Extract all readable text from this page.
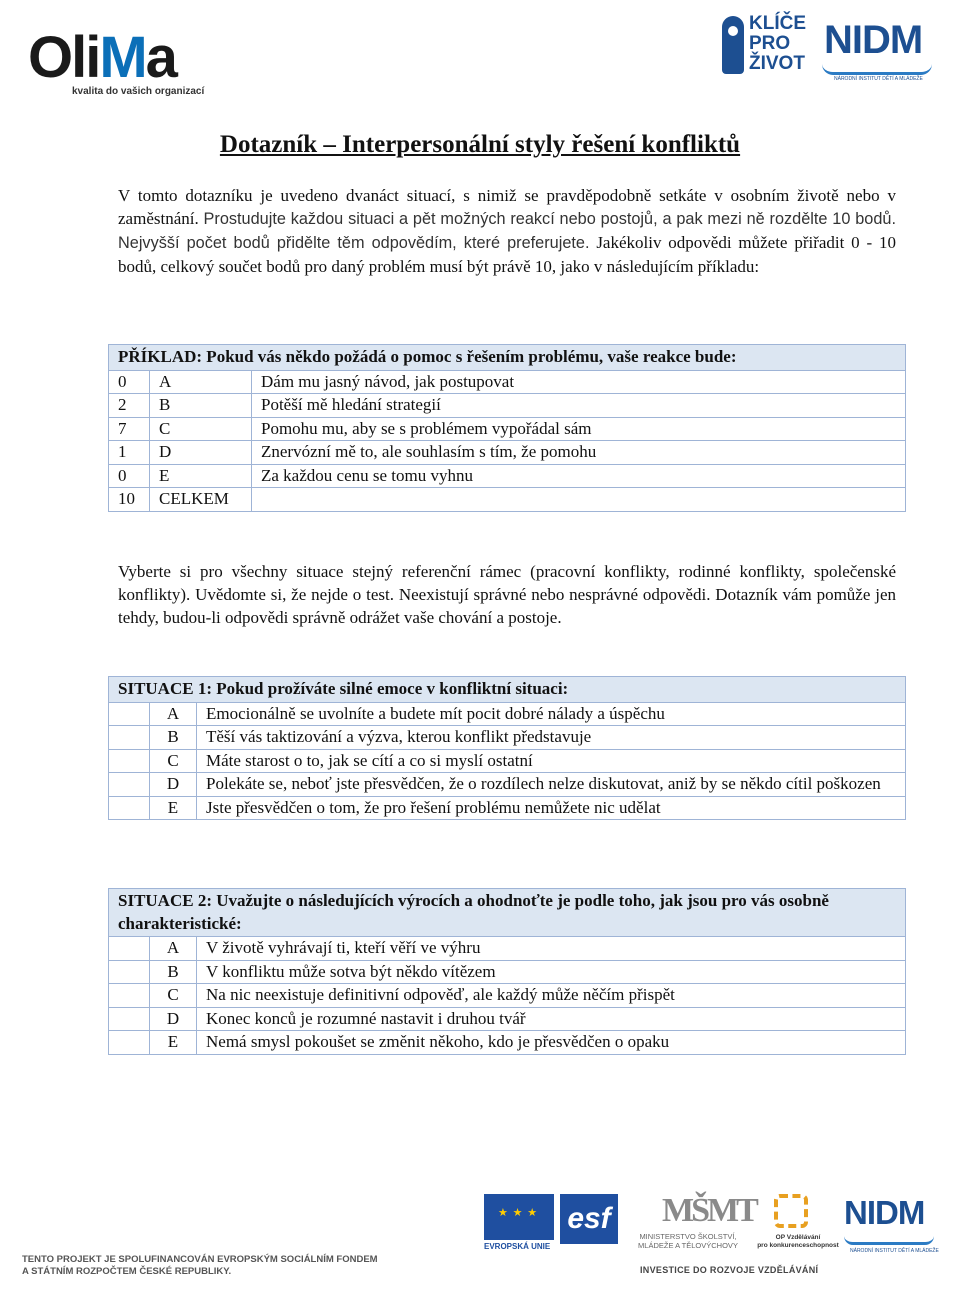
OliMa
kvalita do vašich organizací
KLÍČE
PRO
ŽIVOT
NIDM
NÁRODNÍ INSTITUT DĚTÍ A MLÁDEŽE
Dotazník – Interpersonální styly řešení konfliktů

V tomto dotazníku je uvedeno dvanáct situací, s nimiž se pravděpodobně setkáte v osobním životě nebo v zaměstnání. Prostudujte každou situaci a pět možných reakcí nebo postojů, a pak mezi ně rozdělte 10 bodů. Nejvyšší počet bodů přidělte těm odpovědím, které preferujete. Jakékoliv odpovědi můžete přiřadit 0 - 10 bodů, celkový součet bodů pro daný problém musí být právě 10, jako v následujícím příkladu:

PŘÍKLAD: Pokud vás někdo požádá o pomoc s řešením problému, vaše reakce bude:		
0	A	Dám mu jasný návod, jak postupovat
2	B	Potěší mě hledání strategií
7	C	Pomohu mu, aby se s problémem vypořádal sám
1	D	Znervózní mě to, ale souhlasím s tím, že pomohu
0	E	Za každou cenu se tomu vyhnu
10	CELKEM	

Vyberte si pro všechny situace stejný referenční rámec (pracovní konflikty, rodinné konflikty, společenské konflikty). Uvědomte si, že nejde o test. Neexistují správné nebo nesprávné odpovědi. Dotazník vám pomůže jen tehdy, budou-li odpovědi správně odrážet vaše chování a postoje.

SITUACE 1: Pokud prožíváte silné emoce v konfliktní situaci:		
	A	Emocionálně se uvolníte a budete mít pocit dobré nálady a úspěchu
	B	Těší vás taktizování a výzva, kterou konflikt představuje
	C	Máte starost o to, jak se cítí a co si myslí ostatní
	D	Polekáte se, neboť jste přesvědčen, že o rozdílech nelze diskutovat, aniž by se někdo cítil poškozen
	E	Jste přesvědčen o tom, že pro řešení problému nemůžete nic udělat
SITUACE 2: Uvažujte o následujících výrocích a ohodnoťte je podle toho, jak jsou pro vás osobně charakteristické:		
	A	V životě vyhrávají ti, kteří věří ve výhru
	B	V konfliktu může sotva být někdo vítězem
	C	Na nic neexistuje definitivní odpověď, ale každý může něčím přispět
	D	Konec konců je rozumné nastavit i druhou tvář
	E	Nemá smysl pokoušet se změnit někoho, kdo je přesvědčen o opaku
TENTO PROJEKT JE SPOLUFINANCOVÁN EVROPSKÝM SOCIÁLNÍM FONDEM
A STÁTNÍM ROZPOČTEM ČESKÉ REPUBLIKY.
★ ★ ★
EVROPSKÁ UNIE
esf MŠMT
MINISTERSTVO ŠKOLSTVÍ,
MLÁDEŽE A TĚLOVÝCHOVY
OP Vzdělávání
pro konkurenceschopnost
NIDM
NÁRODNÍ INSTITUT DĚTÍ A MLÁDEŽE
INVESTICE DO ROZVOJE VZDĚLÁVÁNÍ
